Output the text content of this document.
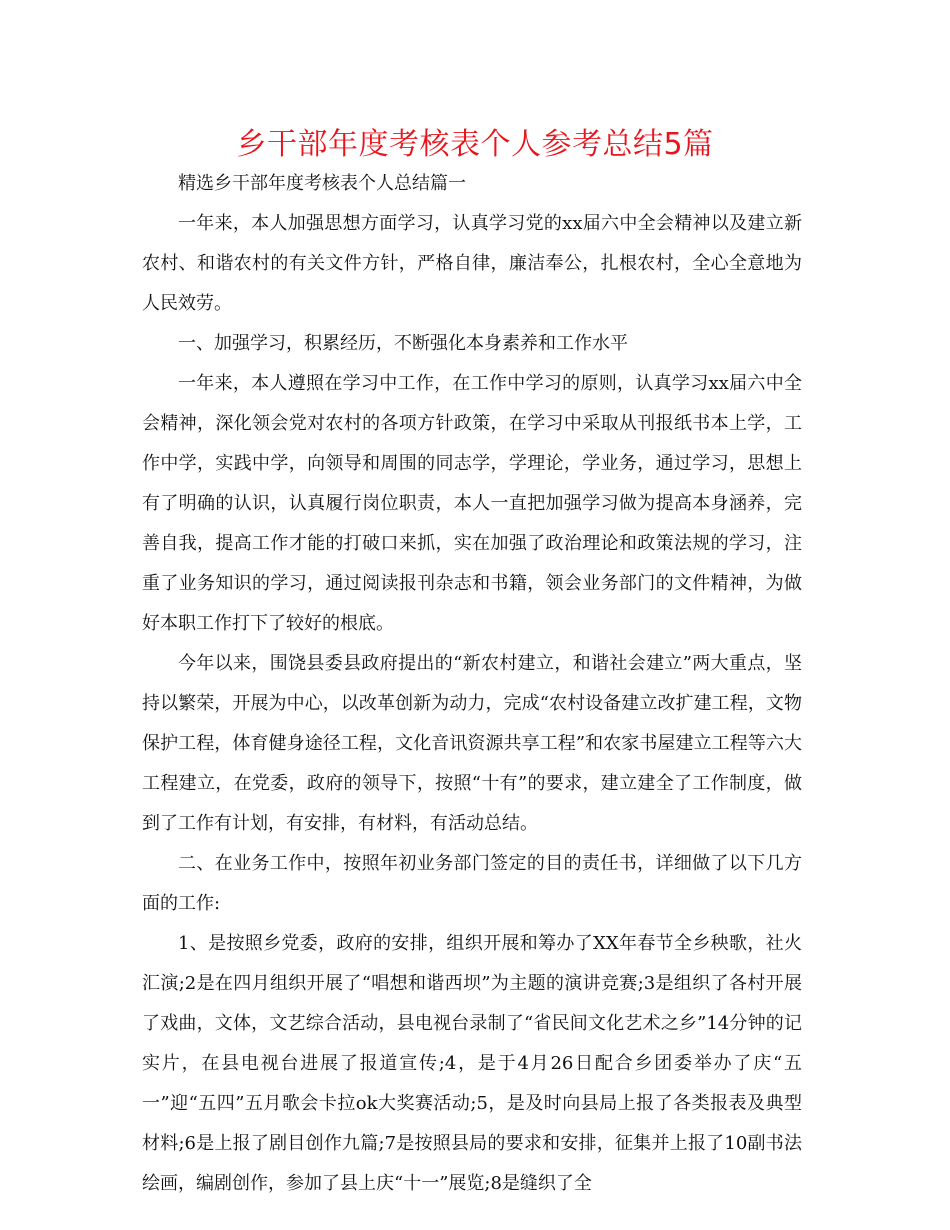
乡干部年度考核表个人参考总结5篇

精选乡干部年度考核表个人总结篇一

一年来，本人加强思想方面学习，认真学习党的xx届六中全会精神以及建立新农村、和谐农村的有关文件方针，严格自律，廉洁奉公，扎根农村，全心全意地为人民效劳。

一、加强学习，积累经历，不断强化本身素养和工作水平

一年来，本人遵照在学习中工作，在工作中学习的原则，认真学习xx届六中全会精神，深化领会党对农村的各项方针政策，在学习中采取从刊报纸书本上学，工作中学，实践中学，向领导和周围的同志学，学理论，学业务，通过学习，思想上有了明确的认识，认真履行岗位职责，本人一直把加强学习做为提高本身涵养，完善自我，提高工作才能的打破口来抓，实在加强了政治理论和政策法规的学习，注重了业务知识的学习，通过阅读报刊杂志和书籍，领会业务部门的文件精神，为做好本职工作打下了较好的根底。

今年以来，围饶县委县政府提出的“新农村建立，和谐社会建立”两大重点，坚持以繁荣，开展为中心，以改革创新为动力，完成“农村设备建立改扩建工程，文物保护工程，体育健身途径工程，文化音讯资源共享工程”和农家书屋建立工程等六大工程建立，在党委，政府的领导下，按照“十有”的要求，建立建全了工作制度，做到了工作有计划，有安排，有材料，有活动总结。

二、在业务工作中，按照年初业务部门签定的目的责任书，详细做了以下几方面的工作:

1、是按照乡党委，政府的安排，组织开展和筹办了XX年春节全乡秧歌，社火汇演;2是在四月组织开展了“唱想和谐西坝”为主题的演讲竞赛;3是组织了各村开展了戏曲，文体，文艺综合活动，县电视台录制了“省民间文化艺术之乡”14分钟的记实片，在县电视台进展了报道宣传;4，是于4月26日配合乡团委举办了庆“五一”迎“五四”五月歌会卡拉ok大奖赛活动;5，是及时向县局上报了各类报表及典型材料;6是上报了剧目创作九篇;7是按照县局的要求和安排，征集并上报了10副书法绘画，编剧创作，参加了县上庆“十一”展览;8是缝织了全
